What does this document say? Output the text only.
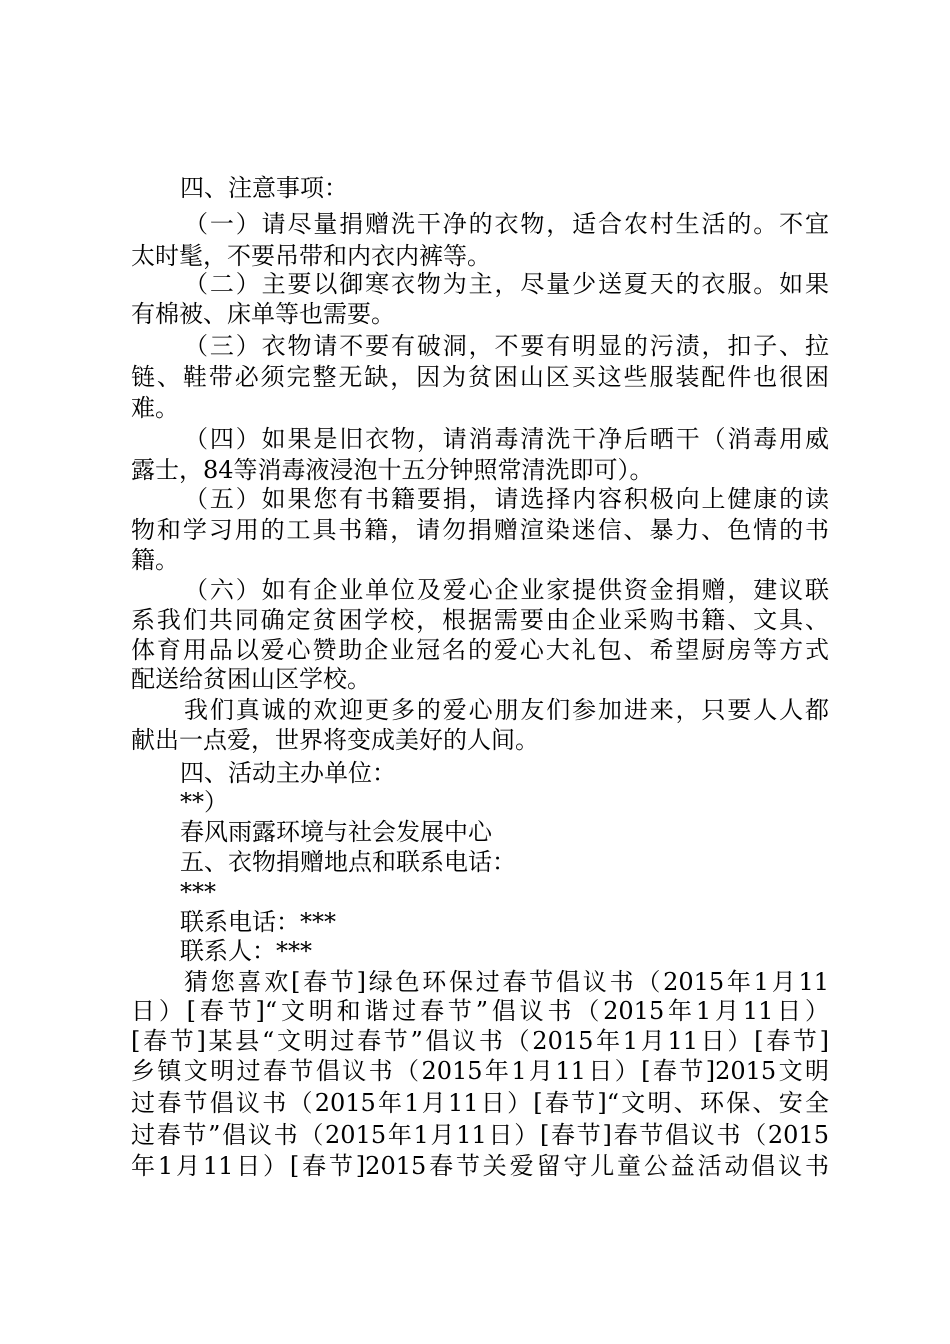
四、注意事项：
（一）请尽量捐赠洗干净的衣物，适合农村生活的。不宜
太时髦，不要吊带和内衣内裤等。
（二）主要以御寒衣物为主，尽量少送夏天的衣服。如果
有棉被、床单等也需要。
（三）衣物请不要有破洞，不要有明显的污渍，扣子、拉
链、鞋带必须完整无缺，因为贫困山区买这些服装配件也很困
难。
（四）如果是旧衣物，请消毒清洗干净后晒干（消毒用威
露士，84等消毒液浸泡十五分钟照常清洗即可）。
（五）如果您有书籍要捐，请选择内容积极向上健康的读
物和学习用的工具书籍，请勿捐赠渲染迷信、暴力、色情的书
籍。
（六）如有企业单位及爱心企业家提供资金捐赠，建议联
系我们共同确定贫困学校，根据需要由企业采购书籍、文具、
体育用品以爱心赞助企业冠名的爱心大礼包、希望厨房等方式
配送给贫困山区学校。
我们真诚的欢迎更多的爱心朋友们参加进来，只要人人都
献出一点爱，世界将变成美好的人间。
四、活动主办单位：
**）
春风雨露环境与社会发展中心
五、衣物捐赠地点和联系电话：
***
联系电话：***
联系人：***
猜您喜欢[春节]绿色环保过春节倡议书（2015年1月11
日）[春节]“文明和谐过春节”倡议书（2015年1月11日）
[春节]某县“文明过春节”倡议书（2015年1月11日）[春节]
乡镇文明过春节倡议书（2015年1月11日）[春节]2015文明
过春节倡议书（2015年1月11日）[春节]“文明、环保、安全
过春节”倡议书（2015年1月11日）[春节]春节倡议书（2015
年1月11日）[春节]2015春节关爱留守儿童公益活动倡议书
